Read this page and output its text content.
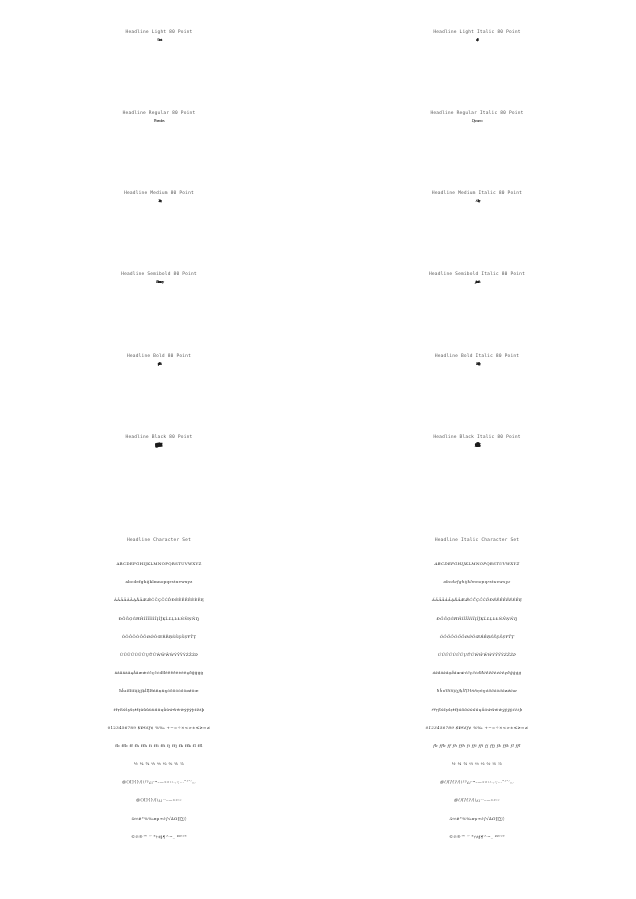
Headline Light 80 Point
Chromica
Headline Regular 80 Point
Phenoles
Headline Medium 80 Point
Zeragiko
Headline Semibold 80 Point
Rheumy
Headline Bold 80 Point
Headline Black 80 Point
Headline Character Set
ABCDEFGHIJKLMNOPQRSTUVWXYZ
abcdefghijklmnopqrstuvwxyz
ÁĂÂÄÀĀĄÅÃÆǼĆČÇĈĊĎĐÉĔĚÊËĖÈĒĘ
ÐĞĜĢĠĦĤÍĬÎÏİÌĪĮĨĴĶĹĽĻĿŁŃŇŅÑŊ
ÓŎÔÖÒŐŌØǾÕŒŔŘŖŚŠŞŜȘŦŤŢ
ÚŬÛÜÙŰŪŲŮŨẂŴẄẀÝŶŸỲŹŽŻÞ
áăâäàāąåãæǽćčçĉċďđéĕěêëėèēęðğĝģġ
ħĥıíĭîïìīįĩȷĵķĺľļŀłńňņñŋóŏôöòőōøǿõœ
ŕřŗßśšşŝșŧťţúŭûüùűūųůũẃŵẅẁýŷÿỳźžżþ
0123456789 $¥€£ƒ¢ %‰ +−=÷×<>±≤≥≈≠
fb ffb ff fh ffh fi ffi ffi fj ffj fk ffk fl ffl
½ ¼ ¾ ⅓ ⅔ ⅛ ⅜ ⅝ ⅞
@()[]{}/|\!?¿¡-•–—«»‹›.,:;…“”‘’„‚
@()[]{}/|\¿¡·-–—«»‹›
&¤#°%‰πµ∞∂∫√∆Ω∏∑◊
©℗®™ ′″ *†‡§¶^~_ ªº¹²³
Headline Light Italic 80 Point
Riflincka
Headline Regular Italic 80 Point
Dynamo
Headline Medium Italic 80 Point
Swarthy
Headline Semibold Italic 80 Point
Janacek
Headline Bold Italic 80 Point
Headline Black Italic 80 Point
Headline Italic Character Set
ABCDEFGHIJKLMNOPQRSTUVWXYZ
abcdefghijklmnopqrstuvwxyz
ÁĂÂÄÀĀĄÅÃÆǼĆČÇĈĊĎĐÉĔĚÊËĖÈĒĘ
ÐĞĜĢĠĦĤÍĬÎÏİÌĪĮĨĴĶĹĽĻĿŁŃŇŅÑŊ
ÓŎÔÖÒŐŌØǾÕŒŔŘŖŚŠŞŜȘŦŤŢ
ÚŬÛÜÙŰŪŲŮŨẂŴẄẀÝŶŸỲŹŽŻÞ
áăâäàāąåãæǽćčçĉċďđéĕěêëėèēęðğĝģġ
ħĥıíĭîïìīįĩȷĵķĺľļŀłńňņñŋóŏôöòőōøǿõœ
ŕřŗßśšşŝșŧťţúŭûüùűūųůũẃŵẅẁýŷÿỳźžżþ
0123456789 $¥€£ƒ¢ %‰ +−=÷×<>±≤≥≈≠
fb ffb ff fh ffh fi ffi ffi fj ffj fk ffk fl ffl
½ ¼ ¾ ⅓ ⅔ ⅛ ⅜ ⅝ ⅞
@()[]{}/|\!?¿¡-•–—«»‹›.,:;…“”‘’„‚
@()[]{}/|\¿¡·-–—«»‹›
&¤#°%‰πµ∞∂∫√∆Ω∏∑◊
©℗®™ ′″ *†‡§¶^~_ ªº¹²³
